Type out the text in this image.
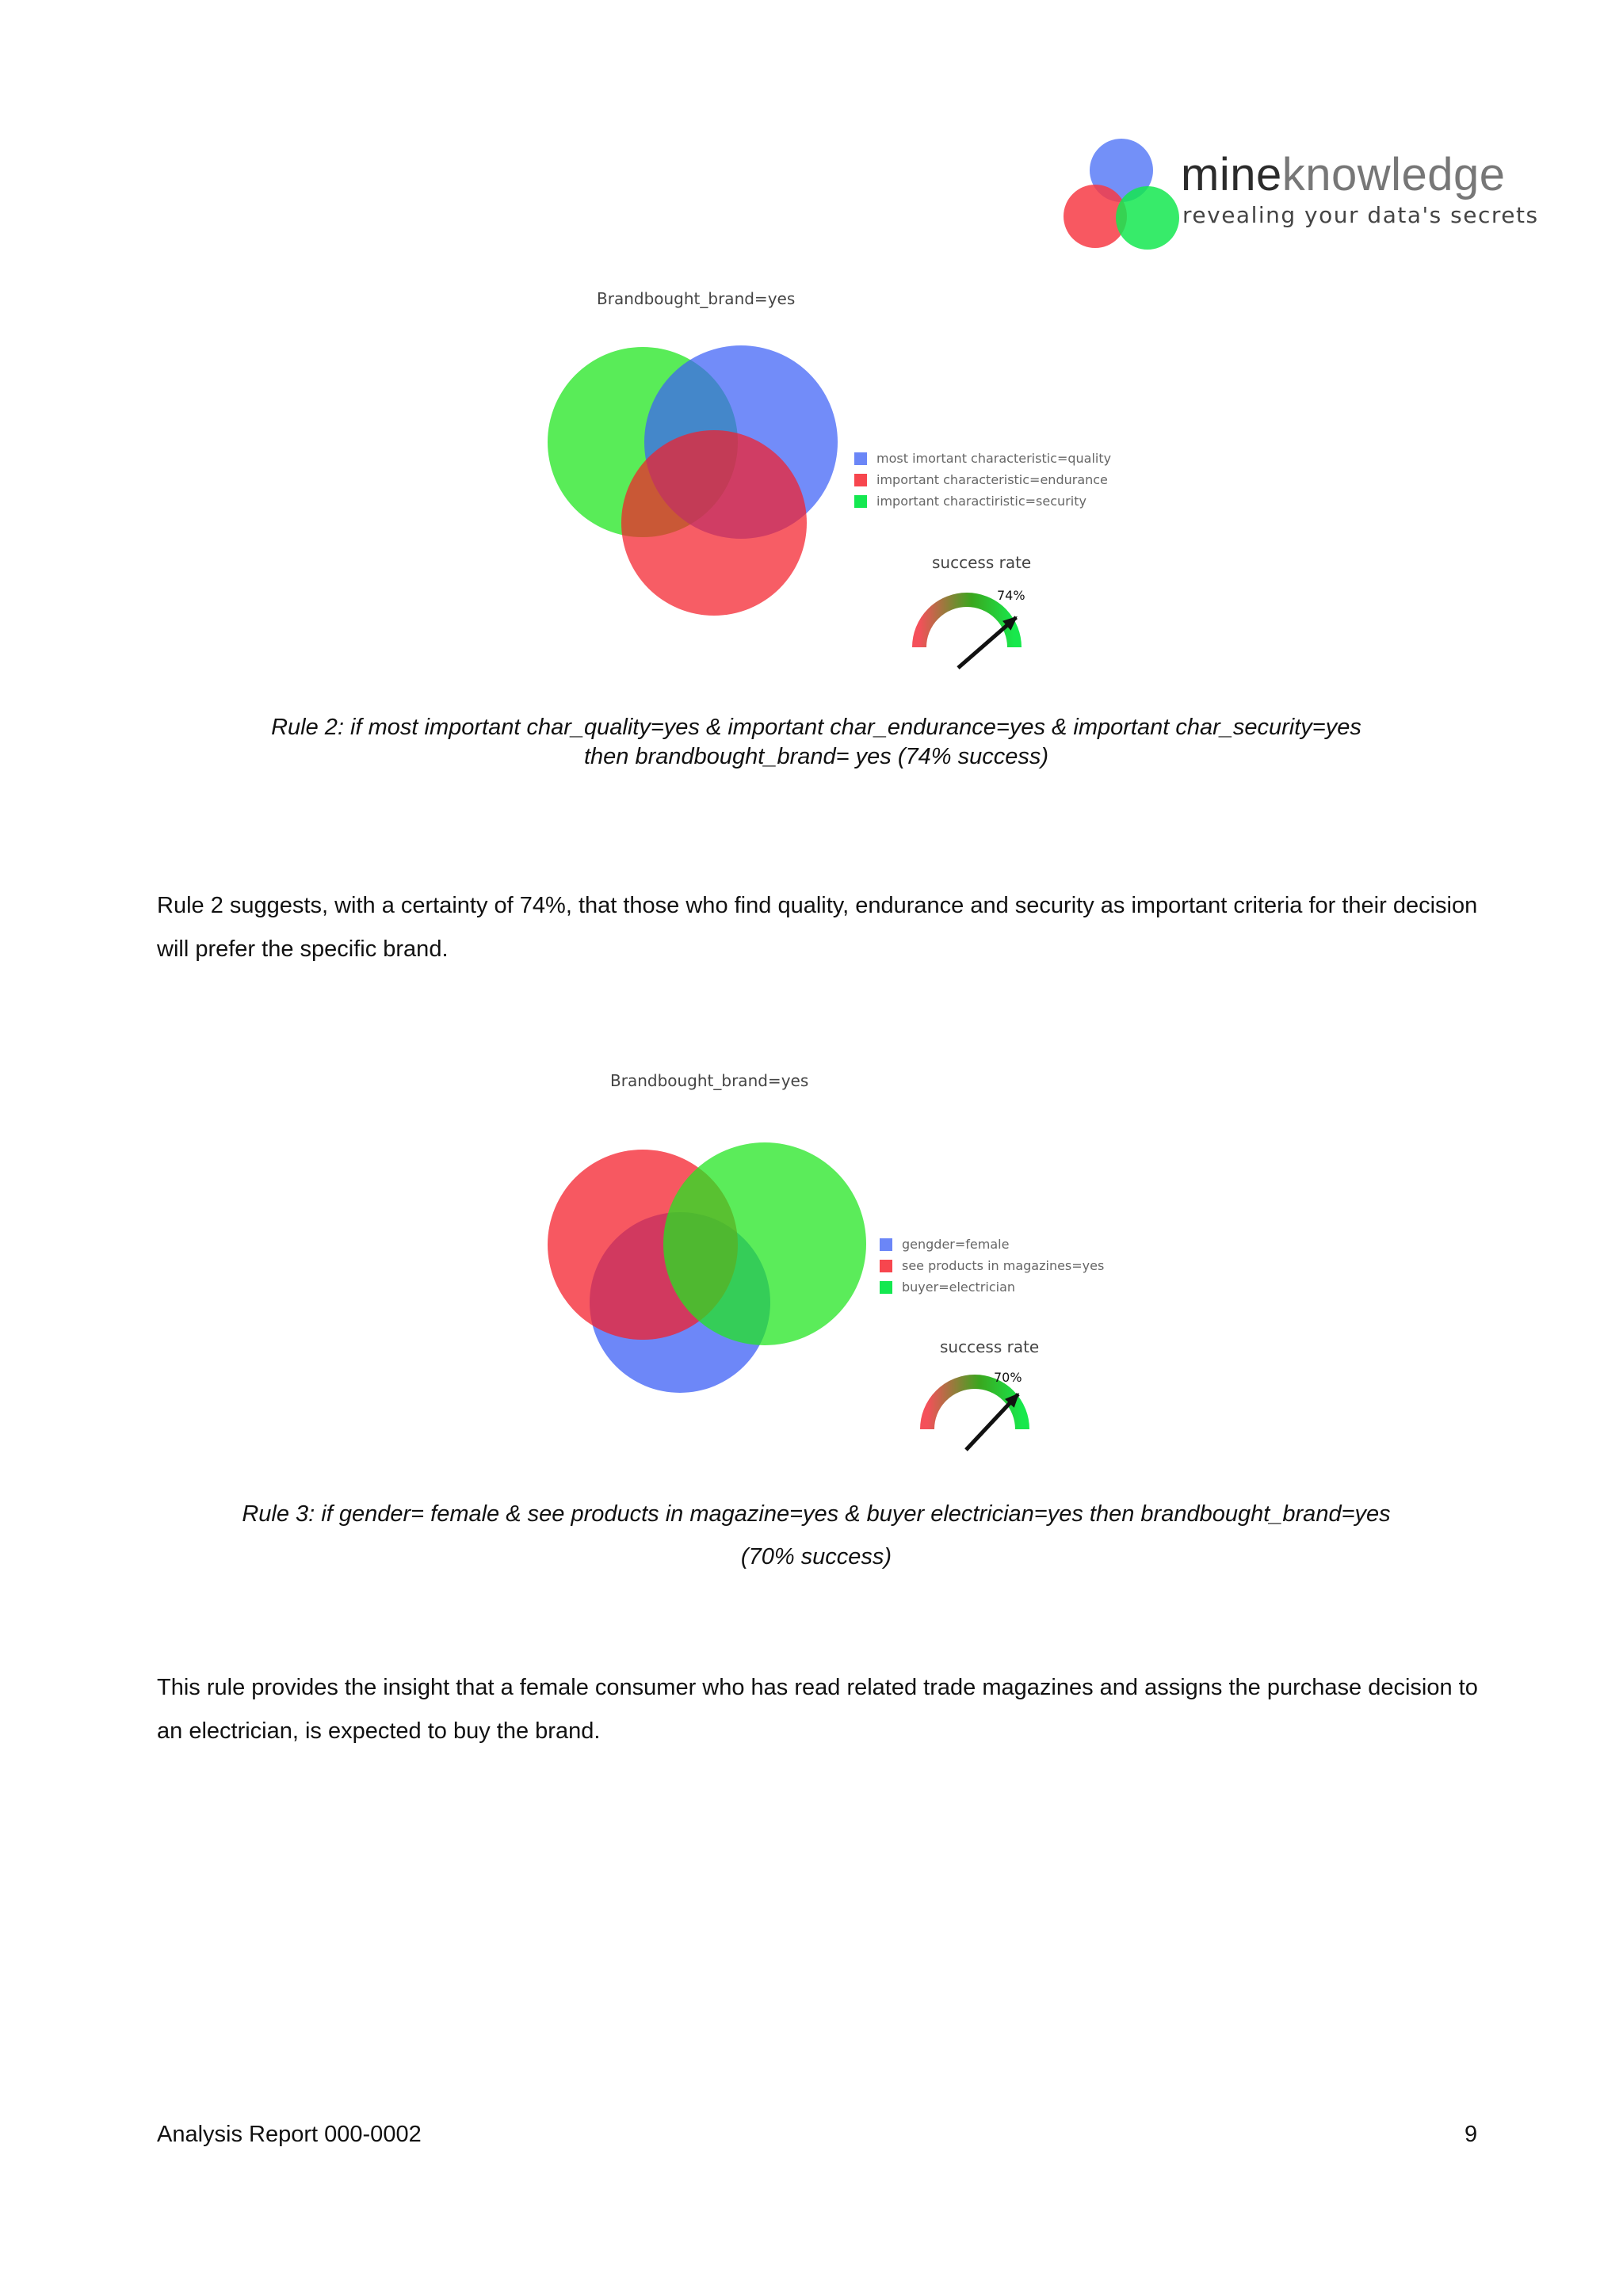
mineknowledge
revealing your data's secrets
Brandbought_brand=yes
most imortant characteristic=quality
important characteristic=endurance
important charactiristic=security
success rate
74%
Rule 2: if most important char_quality=yes & important char_endurance=yes & important char_security=yes
then brandbought_brand= yes (74% success)
Rule 2 suggests, with a certainty of 74%, that those who find quality, endurance and security as important criteria for their decision will prefer the specific brand.
Brandbought_brand=yes
gengder=female
see products in magazines=yes
buyer=electrician
success rate
70%
Rule 3: if gender= female & see products in magazine=yes & buyer electrician=yes then brandbought_brand=yes
(70% success)
This rule provides the insight that a female consumer who has read related trade magazines and assigns the purchase decision to an electrician, is expected to buy the brand.
Analysis Report 000-0002	9
